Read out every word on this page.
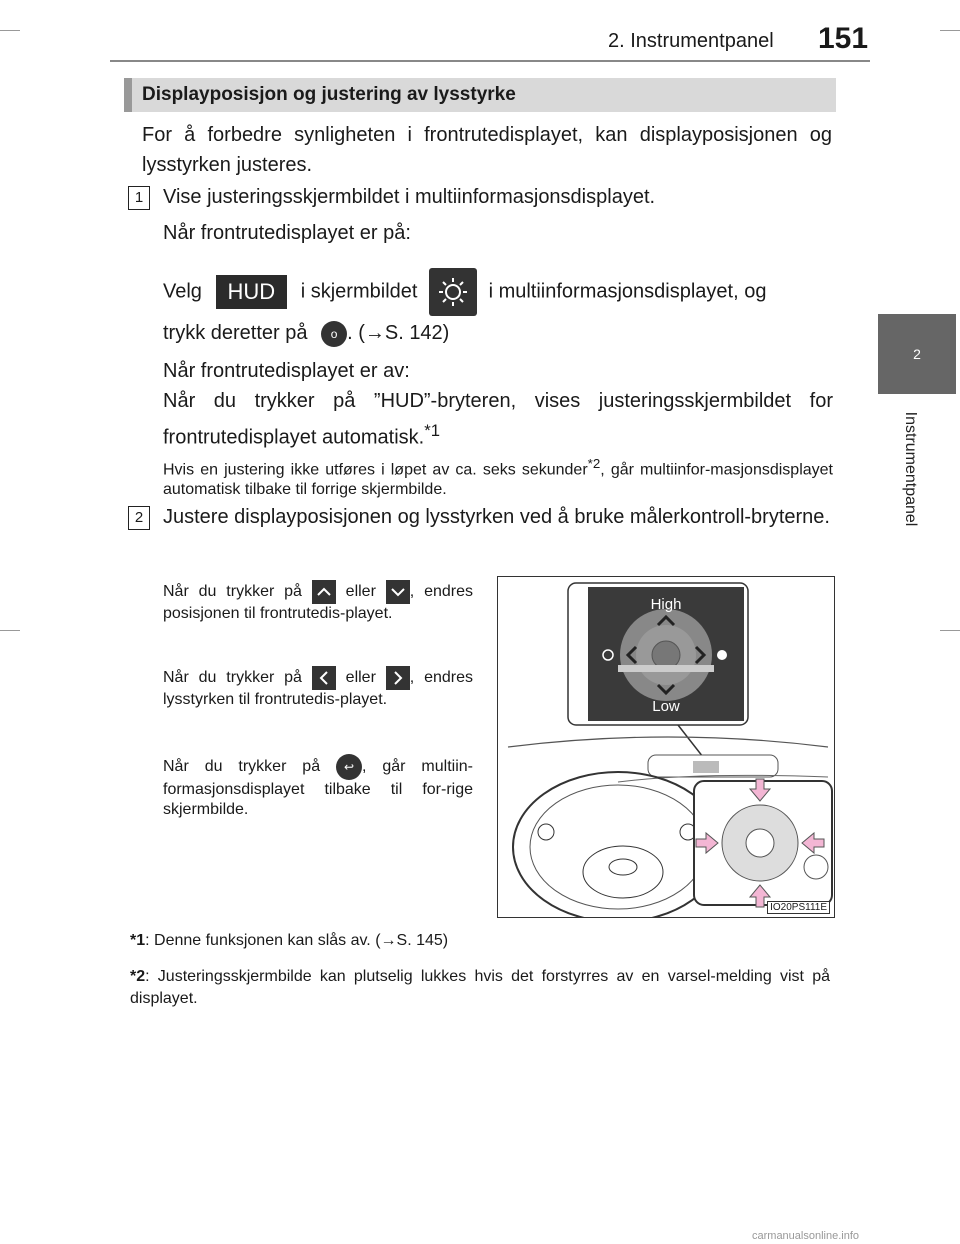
2. Instrumentpanel 151
2
Instrumentpanel
Displayposisjon og justering av lysstyrke
For å forbedre synligheten i frontrutedisplayet, kan displayposisjonen og lysstyrken justeres.
1 Vise justeringsskjermbildet i multiinformasjonsdisplayet.
Når frontrutedisplayet er på:
Velg HUD i skjermbildet	i multiinformasjonsdisplayet, og
trykk deretter på o . (→S. 142)
Når frontrutedisplayet er av:
Når du trykker på ”HUD”-bryteren, vises justeringsskjermbildet for frontrutedisplayet automatisk.$^{*1}$
Hvis en justering ikke utføres i løpet av ca. seks sekunder$^{*2}$, går multiinfor-masjonsdisplayet automatisk tilbake til forrige skjermbilde.
2 Justere displayposisjonen og lysstyrken ved å bruke målerkontroll-bryterne.
Når du trykker på	eller , endres posisjonen til frontrutedis-playet.
Når du trykker på	eller , endres lysstyrken til frontrutedis-playet.
Når du trykker på ↩ , går multiin-formasjonsdisplayet tilbake til for-rige skjermbilde.
High
Low
IO20PS111E
*1: Denne funksjonen kan slås av. (→S. 145)
*2: Justeringsskjermbilde kan plutselig lukkes hvis det forstyrres av en varsel-melding vist på displayet.
carmanualsonline.info
